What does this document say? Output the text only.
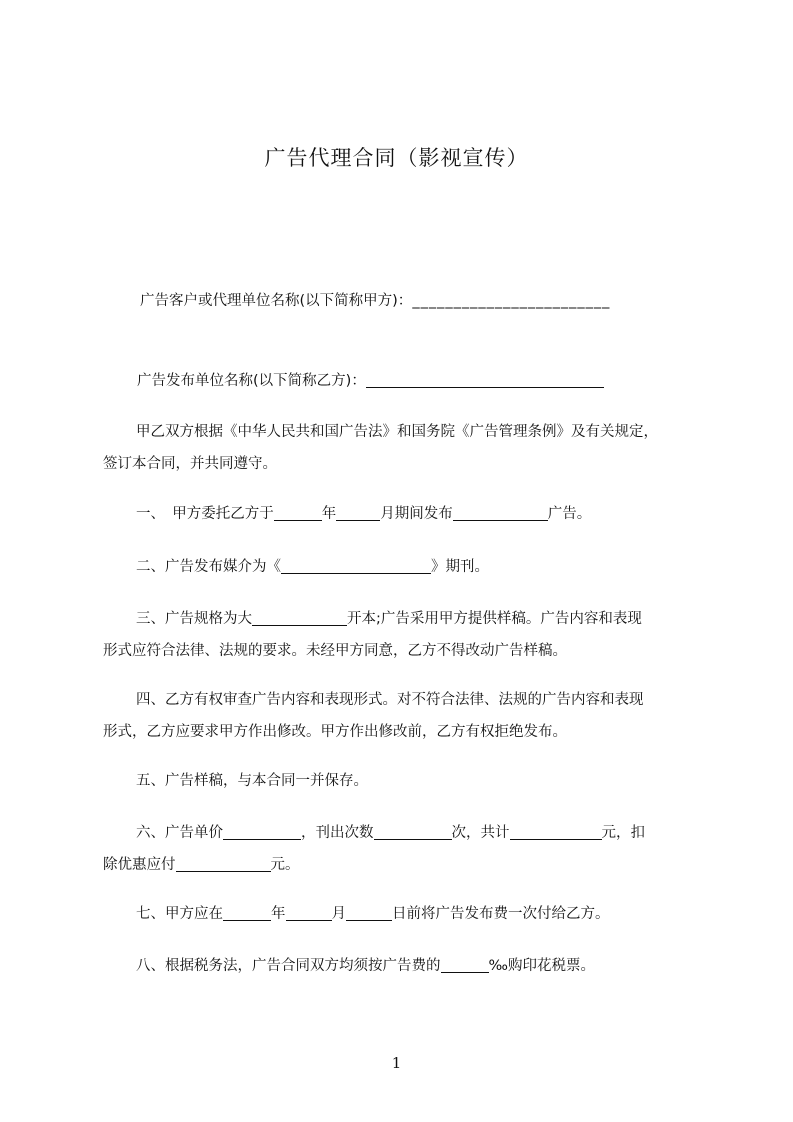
广告代理合同（影视宣传）
广告客户或代理单位名称(以下简称甲方)：________________________
广告发布单位名称(以下简称乙方)：
甲乙双方根据《中华人民共和国广告法》和国务院《广告管理条例》及有关规定，
签订本合同，并共同遵守。
一、　甲方委托乙方于	年	月期间发布	广告。
二、广告发布媒介为《	》期刊。
三、广告规格为大	开本;广告采用甲方提供样稿。广告内容和表现
形式应符合法律、法规的要求。未经甲方同意，乙方不得改动广告样稿。
四、乙方有权审查广告内容和表现形式。对不符合法律、法规的广告内容和表现
形式，乙方应要求甲方作出修改。甲方作出修改前，乙方有权拒绝发布。
五、广告样稿，与本合同一并保存。
六、广告单价	，刊出次数	次，共计	元，扣
除优惠应付	元。
七、甲方应在	年	月	日前将广告发布费一次付给乙方。
八、根据税务法，广告合同双方均须按广告费的	‰购印花税票。
1
